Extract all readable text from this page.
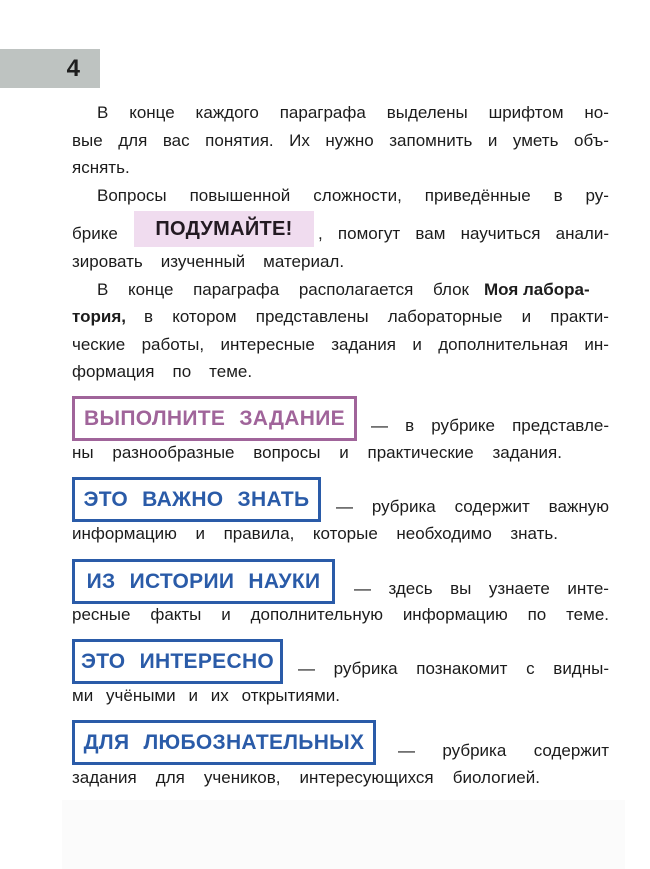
4
В конце каждого параграфа выделены шрифтом но-
вые для вас понятия. Их нужно запомнить и уметь объ-
яснять.
Вопросы повышенной сложности, приведённые в ру-
брике ПОДУМАЙТЕ! , помогут вам научиться анали-
зировать изученный материал.
В конце параграфа располагается блок Моя лабора-
тория, в котором представлены лабораторные и практи-
ческие работы, интересные задания и дополнительная ин-
формация по теме.
ВЫПОЛНИТЕ ЗАДАНИЕ — в рубрике представле-
ны разнообразные вопросы и практические задания.
ЭТО ВАЖНО ЗНАТЬ — рубрика содержит важную
информацию и правила, которые необходимо знать.
ИЗ ИСТОРИИ НАУКИ — здесь вы узнаете инте-
ресные факты и дополнительную информацию по теме.
ЭТО ИНТЕРЕСНО — рубрика познакомит с видны-
ми учёными и их открытиями.
ДЛЯ ЛЮБОЗНАТЕЛЬНЫХ — рубрика содержит
задания для учеников, интересующихся биологией.
